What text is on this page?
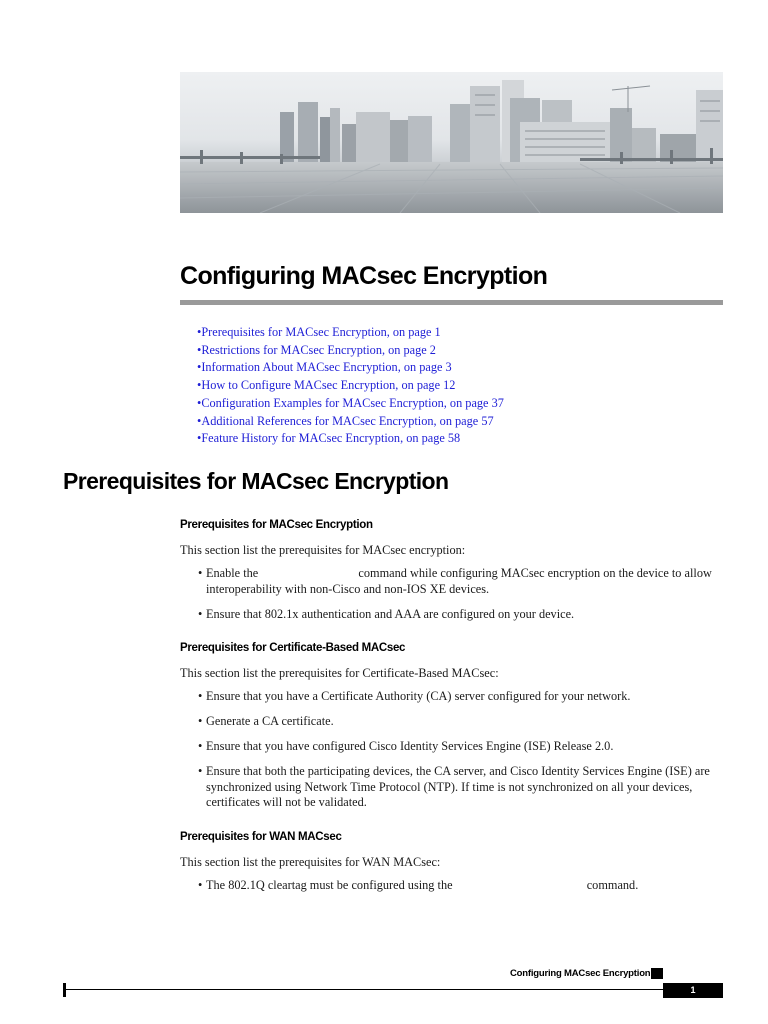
Configuring MACsec Encryption
• Prerequisites for MACsec Encryption, on page 1
• Restrictions for MACsec Encryption, on page 2
• Information About MACsec Encryption, on page 3
• How to Configure MACsec Encryption, on page 12
• Configuration Examples for MACsec Encryption, on page 37
• Additional References for MACsec Encryption, on page 57
• Feature History for MACsec Encryption, on page 58
Prerequisites for MACsec Encryption
Prerequisites for MACsec Encryption

This section list the prerequisites for MACsec encryption:

• Enable the	command while configuring MACsec encryption on the device to allow interoperability with non-Cisco and non-IOS XE devices.
• Ensure that 802.1x authentication and AAA are configured on your device.
Prerequisites for Certificate-Based MACsec

This section list the prerequisites for Certificate-Based MACsec:

• Ensure that you have a Certificate Authority (CA) server configured for your network.
• Generate a CA certificate.
• Ensure that you have configured Cisco Identity Services Engine (ISE) Release 2.0.
• Ensure that both the participating devices, the CA server, and Cisco Identity Services Engine (ISE) are synchronized using Network Time Protocol (NTP). If time is not synchronized on all your devices, certificates will not be validated.
Prerequisites for WAN MACsec

This section list the prerequisites for WAN MACsec:

• The 802.1Q cleartag must be configured using the	command.
Configuring MACsec Encryption
1
